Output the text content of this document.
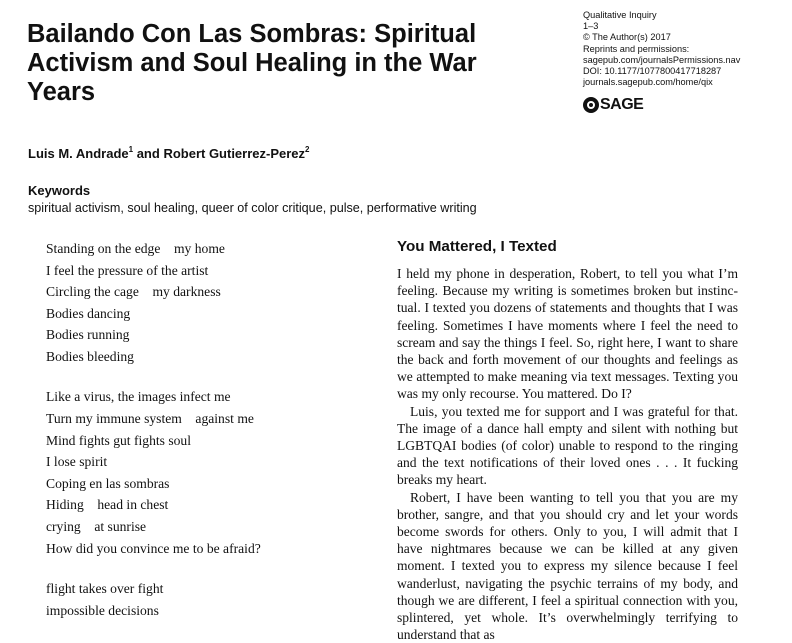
Bailando Con Las Sombras: Spiritual Activism and Soul Healing in the War Years
Qualitative Inquiry
1–3
© The Author(s) 2017
Reprints and permissions:
sagepub.com/journalsPermissions.nav
DOI: 10.1177/1077800417718287
journals.sagepub.com/home/qix
SAGE
Luis M. Andrade$^1$ and Robert Gutierrez-Perez$^2$
Keywords
spiritual activism, soul healing, queer of color critique, pulse, performative writing
Standing on the edge    my home
I feel the pressure of the artist
Circling the cage    my darkness
Bodies dancing
Bodies running
Bodies bleeding
Like a virus, the images infect me
Turn my immune system    against me
Mind fights gut fights soul
I lose spirit
Coping en las sombras
Hiding    head in chest
crying    at sunrise
How did you convince me to be afraid?
flight takes over fight
impossible decisions
You Mattered, I Texted

I held my phone in desperation, Robert, to tell you what I’m feeling. Because my writing is sometimes broken but instinctual. I texted you dozens of statements and thoughts that I was feeling. Sometimes I have moments where I feel the need to scream and say the things I feel. So, right here, I want to share the back and forth movement of our thoughts and feelings as we attempted to make meaning via text messages. Texting you was my only recourse. You mattered. Do I?

Luis, you texted me for support and I was grateful for that. The image of a dance hall empty and silent with nothing but LGBTQAI bodies (of color) unable to respond to the ringing and the text notifications of their loved ones . . . It fucking breaks my heart.

Robert, I have been wanting to tell you that you are my brother, sangre, and that you should cry and let your words become swords for others. Only to you, I will admit that I have nightmares because we can be killed at any given moment. I texted you to express my silence because I feel wanderlust, navigating the psychic terrains of my body, and though we are different, I feel a spiritual connection with you, splintered, yet whole. It’s overwhelmingly terrifying to understand that as
